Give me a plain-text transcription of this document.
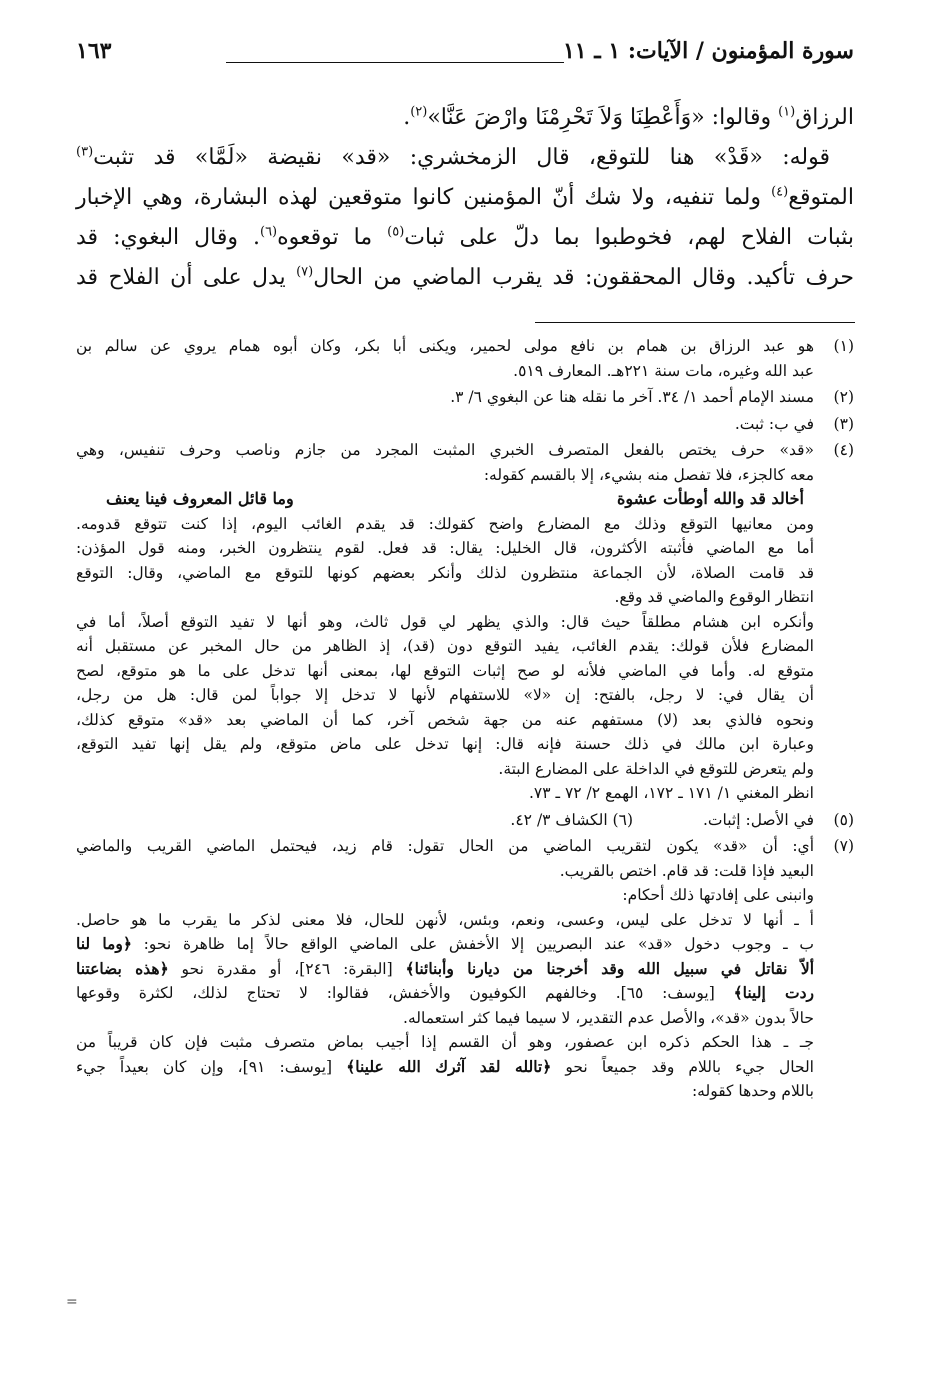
سورة المؤمنون / الآيات: ١ ـ ١١
١٦٣

الرزاق$^{(١)}$ وقالوا: «وَأَعْطِنَا وَلاَ تَحْرِمْنَا وارْضَ عَنَّا»$^{(٢)}$.

قوله: «قَدْ» هنا للتوقع، قال الزمخشري: «قد» نقيضة «لَمَّا» قد تثبت$^{(٣)}$

المتوقع$^{(٤)}$ ولما تنفيه، ولا شك أنّ المؤمنين كانوا متوقعين لهذه البشارة، وهي الإخبار

بثبات الفلاح لهم، فخوطبوا بما دلّ على ثبات$^{(٥)}$ ما توقعوه$^{(٦)}$. وقال البغوي: قد

حرف تأكيد. وقال المحققون: قد يقرب الماضي من الحال$^{(٧)}$ يدل على أن الفلاح قد

(١)
هو عبد الرزاق بن همام بن نافع مولى لحمير، ويكنى أبا بكر، وكان أبوه همام يروي عن سالم بن
عبد الله وغيره، مات سنة ٢٢١هـ. المعارف ٥١٩.
(٢)
مسند الإمام أحمد ١/ ٣٤. آخر ما نقله هنا عن البغوي ٦/ ٣.
(٣)
في ب: ثبت.
(٤)
«قد» حرف يختص بالفعل المتصرف الخبري المثبت المجرد من جازم وناصب وحرف تنفيس، وهي
معه كالجزء، فلا تفصل منه بشيء، إلا بالقسم كقوله:
أخالد قد والله أوطأت عشوة
وما قائل المعروف فينا يعنف
ومن معانيها التوقع وذلك مع المضارع واضح كقولك: قد يقدم الغائب اليوم، إذا كنت تتوقع قدومه.
أما مع الماضي فأثبته الأكثرون، قال الخليل: يقال: قد فعل. لقوم ينتظرون الخبر، ومنه قول المؤذن:
قد قامت الصلاة، لأن الجماعة منتظرون لذلك وأنكر بعضهم كونها للتوقع مع الماضي، وقال: التوقع
انتظار الوقوع والماضي قد وقع.
وأنكره ابن هشام مطلقاً حيث قال: والذي يظهر لي قول ثالث، وهو أنها لا تفيد التوقع أصلاً، أما في
المضارع فلأن قولك: يقدم الغائب، يفيد التوقع دون (قد)، إذ الظاهر من حال المخبر عن مستقبل أنه
متوقع له. وأما في الماضي فلأنه لو صح إثبات التوقع لها، بمعنى أنها تدخل على ما هو متوقع، لصح
أن يقال في: لا رجل، بالفتح: إن «لا» للاستفهام لأنها لا تدخل إلا جواباً لمن قال: هل من رجل،
ونحوه فالذي بعد (لا) مستفهم عنه من جهة شخص آخر، كما أن الماضي بعد «قد» متوقع كذلك،
وعبارة ابن مالك في ذلك حسنة فإنه قال: إنها تدخل على ماض متوقع، ولم يقل إنها تفيد التوقع،
ولم يتعرض للتوقع في الداخلة على المضارع البتة.
انظر المغني ١/ ١٧١ ـ ١٧٢، الهمع ٢/ ٧٢ ـ ٧٣.
(٥)
في الأصل: إثبات.
(٦) الكشاف ٣/ ٤٢.
(٧)
أي: أن «قد» يكون لتقريب الماضي من الحال تقول: قام زيد، فيحتمل الماضي القريب والماضي
البعيد فإذا قلت: قد قام. اختص بالقريب.
وانبنى على إفادتها ذلك أحكام:
أ ـ أنها لا تدخل على ليس، وعسى، ونعم، وبئس، لأنهن للحال، فلا معنى لذكر ما يقرب ما هو حاصل.
ب ـ وجوب دخول «قد» عند البصريين إلا الأخفش على الماضي الواقع حالاً إما ظاهرة نحو: ﴿وما لنا
ألاّ نقاتل في سبيل الله وقد أخرجنا من ديارنا وأبنائنا﴾ [البقرة: ٢٤٦]، أو مقدرة نحو ﴿هذه بضاعتنا
ردت إلينا﴾ [يوسف: ٦٥]. وخالفهم الكوفيون والأخفش، فقالوا: لا تحتاج لذلك، لكثرة وقوعها
حالاً بدون «قد»، والأصل عدم التقدير، لا سيما فيما كثر استعماله.
جـ ـ هذا الحكم ذكره ابن عصفور، وهو أن القسم إذا أجيب بماض متصرف مثبت فإن كان قريباً من
الحال جيء باللام وقد جميعاً نحو ﴿تالله لقد آثرك الله علينا﴾ [يوسف: ٩١]، وإن كان بعيداً جيء
باللام وحدها كقوله:
=
